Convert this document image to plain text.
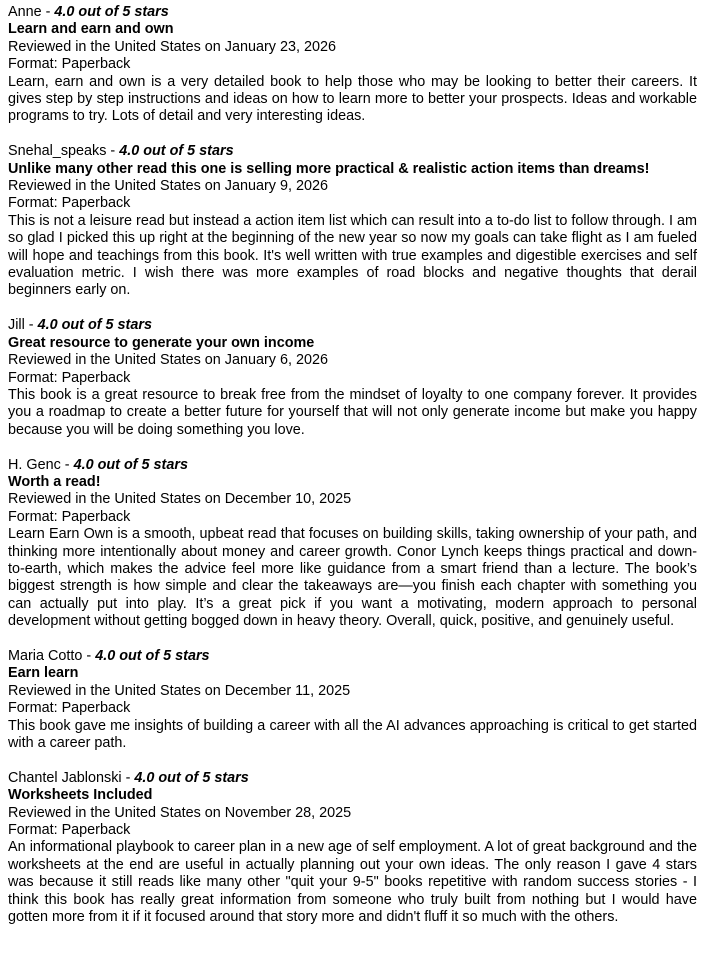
Anne - 4.0 out of 5 stars
Learn and earn and own
Reviewed in the United States on January 23, 2026
Format: Paperback

Learn, earn and own is a very detailed book to help those who may be looking to better their careers. It gives step by step instructions and ideas on how to learn more to better your prospects. Ideas and workable programs to try. Lots of detail and very interesting ideas.

Snehal_speaks - 4.0 out of 5 stars
Unlike many other read this one is selling more practical & realistic action items than dreams!
Reviewed in the United States on January 9, 2026
Format: Paperback

This is not a leisure read but instead a action item list which can result into a to-do list to follow through. I am so glad I picked this up right at the beginning of the new year so now my goals can take flight as I am fueled will hope and teachings from this book. It's well written with true examples and digestible exercises and self evaluation metric. I wish there was more examples of road blocks and negative thoughts that derail beginners early on.

Jill - 4.0 out of 5 stars
Great resource to generate your own income
Reviewed in the United States on January 6, 2026
Format: Paperback

This book is a great resource to break free from the mindset of loyalty to one company forever. It provides you a roadmap to create a better future for yourself that will not only generate income but make you happy because you will be doing something you love.

H. Genc - 4.0 out of 5 stars
Worth a read!
Reviewed in the United States on December 10, 2025
Format: Paperback

Learn Earn Own is a smooth, upbeat read that focuses on building skills, taking ownership of your path, and thinking more intentionally about money and career growth. Conor Lynch keeps things practical and down-to-earth, which makes the advice feel more like guidance from a smart friend than a lecture. The book’s biggest strength is how simple and clear the takeaways are—you finish each chapter with something you can actually put into play. It’s a great pick if you want a motivating, modern approach to personal development without getting bogged down in heavy theory. Overall, quick, positive, and genuinely useful.

Maria Cotto - 4.0 out of 5 stars
Earn learn
Reviewed in the United States on December 11, 2025
Format: Paperback

This book gave me insights of building a career with all the AI advances approaching is critical to get started with a career path.

Chantel Jablonski - 4.0 out of 5 stars
Worksheets Included
Reviewed in the United States on November 28, 2025
Format: Paperback

An informational playbook to career plan in a new age of self employment. A lot of great background and the worksheets at the end are useful in actually planning out your own ideas. The only reason I gave 4 stars was because it still reads like many other "quit your 9-5" books repetitive with random success stories - I think this book has really great information from someone who truly built from nothing but I would have gotten more from it if it focused around that story more and didn't fluff it so much with the others.
